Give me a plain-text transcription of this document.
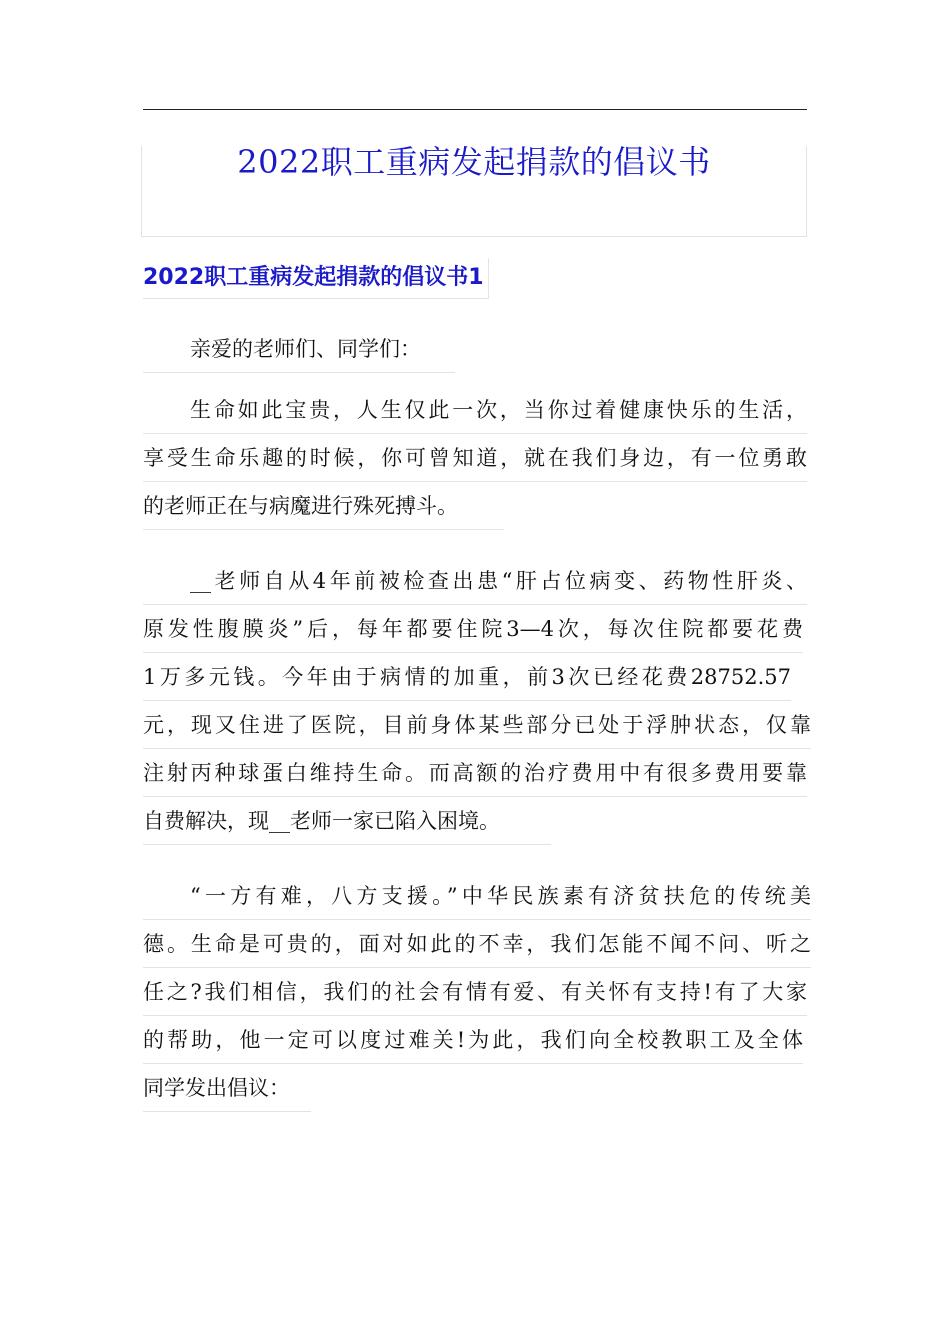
2022职工重病发起捐款的倡议书
2022职工重病发起捐款的倡议书1
亲爱的老师们、同学们：
生命如此宝贵，人生仅此一次，当你过着健康快乐的生活，
享受生命乐趣的时候，你可曾知道，就在我们身边，有一位勇敢
的老师正在与病魔进行殊死搏斗。
__老师自从4年前被检查出患“肝占位病变、药物性肝炎、
原发性腹膜炎”后，每年都要住院3—4次，每次住院都要花费
1万多元钱。今年由于病情的加重，前3次已经花费28752.57
元，现又住进了医院，目前身体某些部分已处于浮肿状态，仅靠
注射丙种球蛋白维持生命。而高额的治疗费用中有很多费用要靠
自费解决，现__老师一家已陷入困境。
“一方有难，八方支援。”中华民族素有济贫扶危的传统美
德。生命是可贵的，面对如此的不幸，我们怎能不闻不问、听之
任之?我们相信，我们的社会有情有爱、有关怀有支持!有了大家
的帮助，他一定可以度过难关!为此，我们向全校教职工及全体
同学发出倡议：
